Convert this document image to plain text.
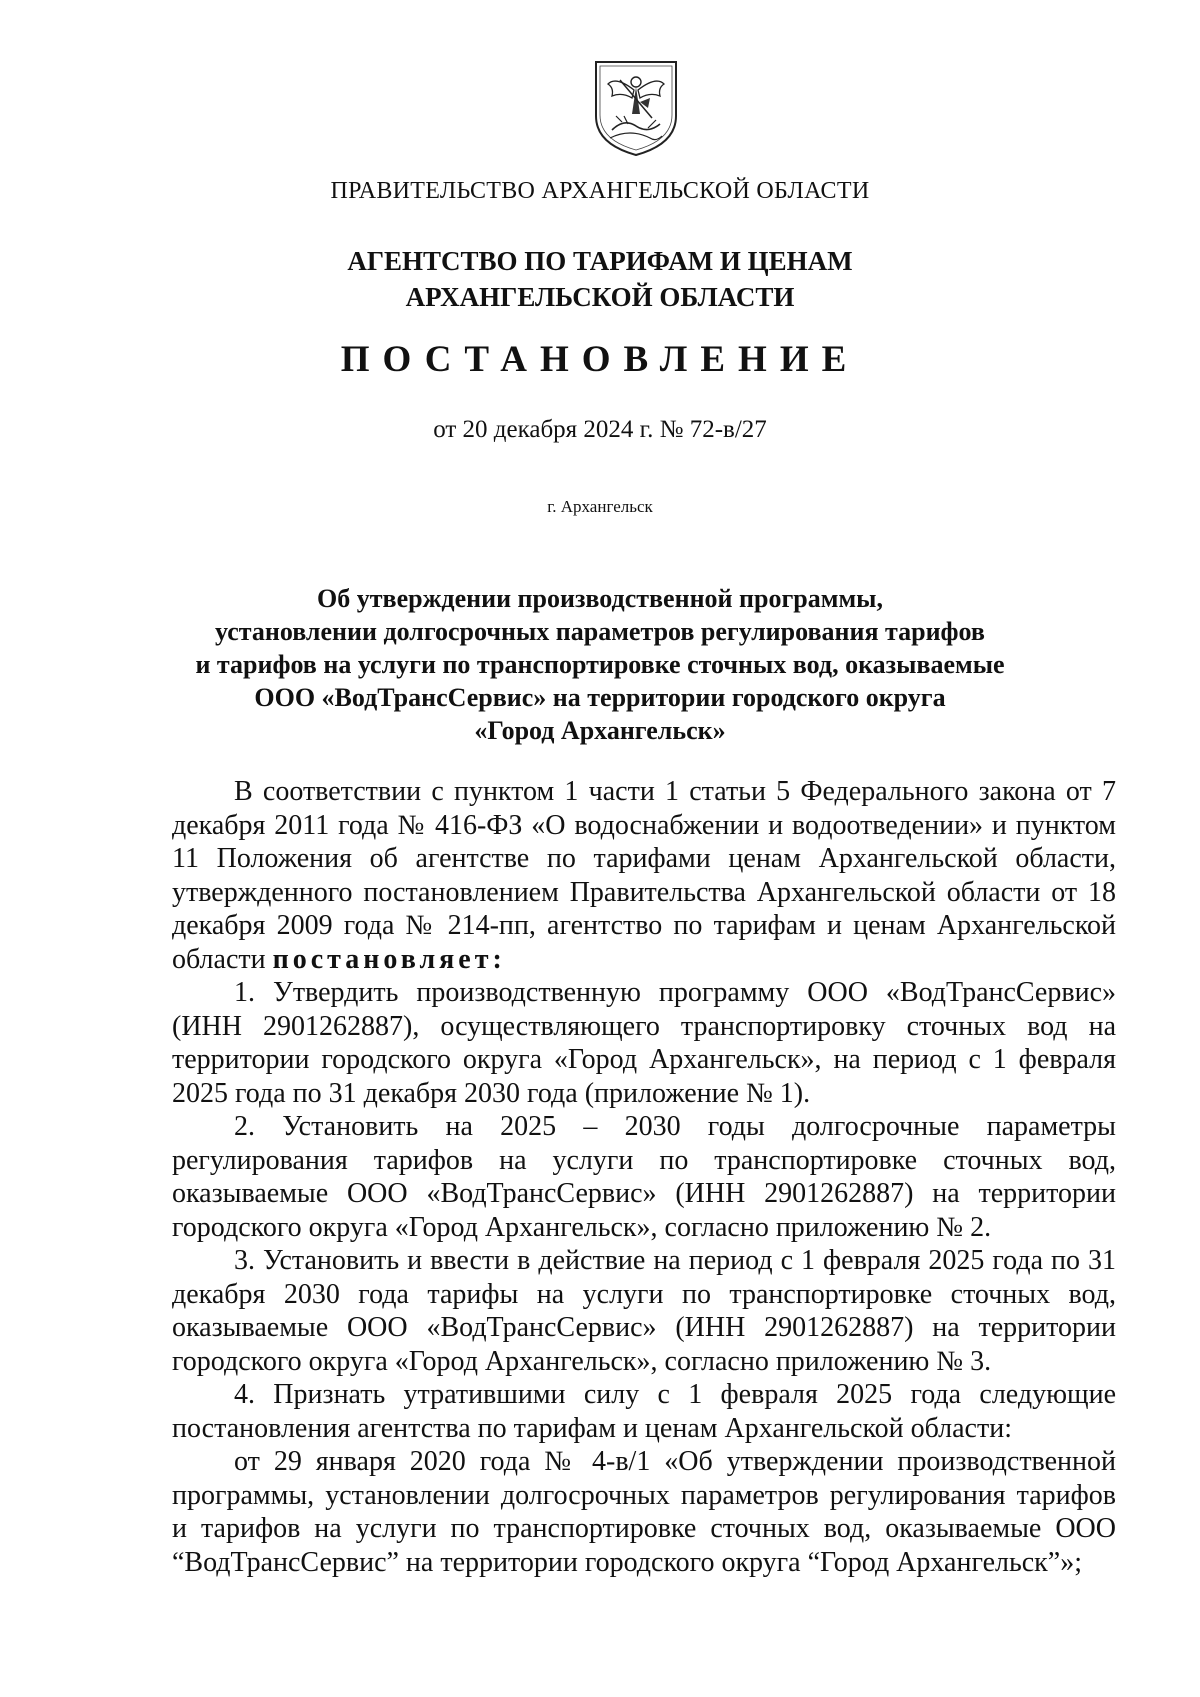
ПРАВИТЕЛЬСТВО АРХАНГЕЛЬСКОЙ ОБЛАСТИ
АГЕНТСТВО ПО ТАРИФАМ И ЦЕНАМ
АРХАНГЕЛЬСКОЙ ОБЛАСТИ
ПОСТАНОВЛЕНИЕ
от 20 декабря 2024 г. № 72-в/27
г. Архангельск
Об утверждении производственной программы,
установлении долгосрочных параметров регулирования тарифов
и тарифов на услуги по транспортировке сточных вод, оказываемые
ООО «ВодТрансСервис» на территории городского округа
«Город Архангельск»

В соответствии с пунктом 1 части 1 статьи 5 Федерального закона от 7 декабря 2011 года № 416-ФЗ «О водоснабжении и водоотведении» и пунктом 11 Положения об агентстве по тарифами ценам Архангельской области, утвержденного постановлением Правительства Архангельской области от 18 декабря 2009 года № 214-пп, агентство по тарифам и ценам Архангельской области постановляет:

1. Утвердить производственную программу ООО «ВодТрансСервис» (ИНН 2901262887), осуществляющего транспортировку сточных вод на территории городского округа «Город Архангельск», на период с 1 февраля 2025 года по 31 декабря 2030 года (приложение № 1).

2. Установить на 2025 – 2030 годы долгосрочные параметры регулирования тарифов на услуги по транспортировке сточных вод, оказываемые ООО «ВодТрансСервис» (ИНН 2901262887) на территории городского округа «Город Архангельск», согласно приложению № 2.

3. Установить и ввести в действие на период с 1 февраля 2025 года по 31 декабря 2030 года тарифы на услуги по транспортировке сточных вод, оказываемые ООО «ВодТрансСервис» (ИНН 2901262887) на территории городского округа «Город Архангельск», согласно приложению № 3.

4. Признать утратившими силу с 1 февраля 2025 года следующие постановления агентства по тарифам и ценам Архангельской области:

от 29 января 2020 года № 4-в/1 «Об утверждении производственной программы, установлении долгосрочных параметров регулирования тарифов и тарифов на услуги по транспортировке сточных вод, оказываемые ООО “ВодТрансСервис” на территории городского округа “Город Архангельск”»;
